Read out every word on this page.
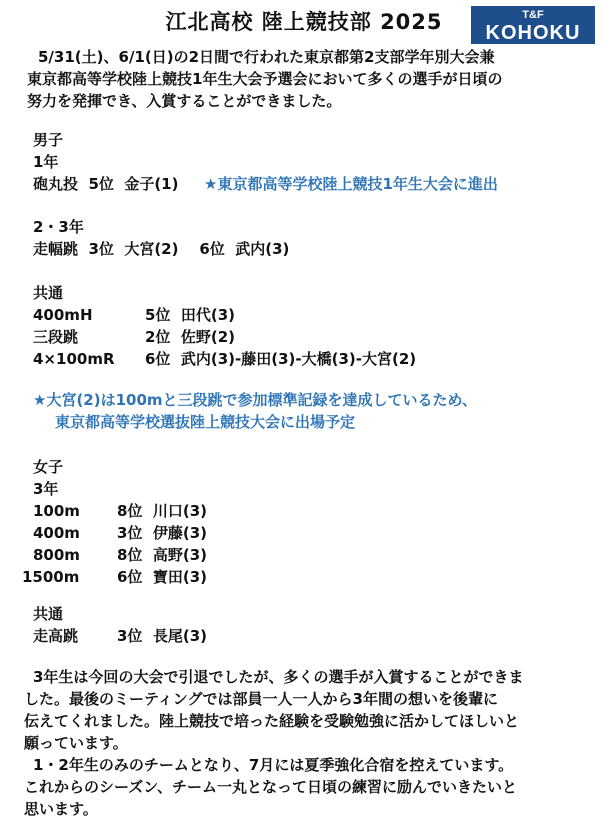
江北高校 陸上競技部 2025	T&F
KOHOKU
5/31(土)、6/1(日)の2日間で行われた東京都第2支部学年別大会兼
東京都高等学校陸上競技1年生大会予選会において多くの選手が日頃の
努力を発揮でき、入賞することができました。
男子
1年
砲丸投  5位  金子(1) ★東京都高等学校陸上競技1年生大会に進出
2・3年
走幅跳  3位  大宮(2)    6位  武内(3)
共通
400mH	5位  田代(3)
三段跳	2位  佐野(2)
4×100mR 6位  武内(3)-藤田(3)-大橋(3)-大宮(2)
★大宮(2)は100mと三段跳で参加標準記録を達成しているため、
東京都高等学校選抜陸上競技大会に出場予定
女子
3年
100m 8位  川口(3)
400m 3位  伊藤(3)
800m 8位  高野(3)
1500m	6位  寶田(3)
共通
走高跳	3位  長尾(3)
3年生は今回の大会で引退でしたが、多くの選手が入賞することができま
した。最後のミーティングでは部員一人一人から3年間の想いを後輩に
伝えてくれました。陸上競技で培った経験を受験勉強に活かしてほしいと
願っています。
1・2年生のみのチームとなり、7月には夏季強化合宿を控えています。
これからのシーズン、チーム一丸となって日頃の練習に励んでいきたいと
思います。
